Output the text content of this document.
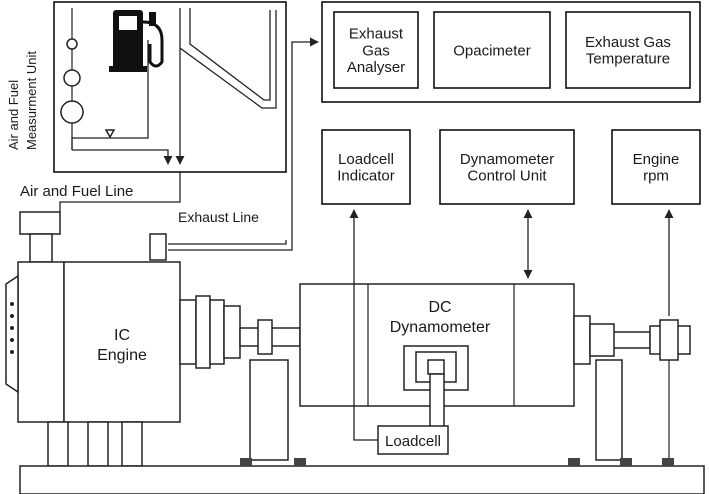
Air and Fuel Measurment Unit
Air and Fuel Line
Exhaust
Gas
Analyser
Opacimeter	Exhaust Gas
Temperature
Exhaust Line
Loadcell
Indicator
Dynamometer
Control Unit
Engine
rpm
IC Engine
DC Dynamometer
Loadcell
